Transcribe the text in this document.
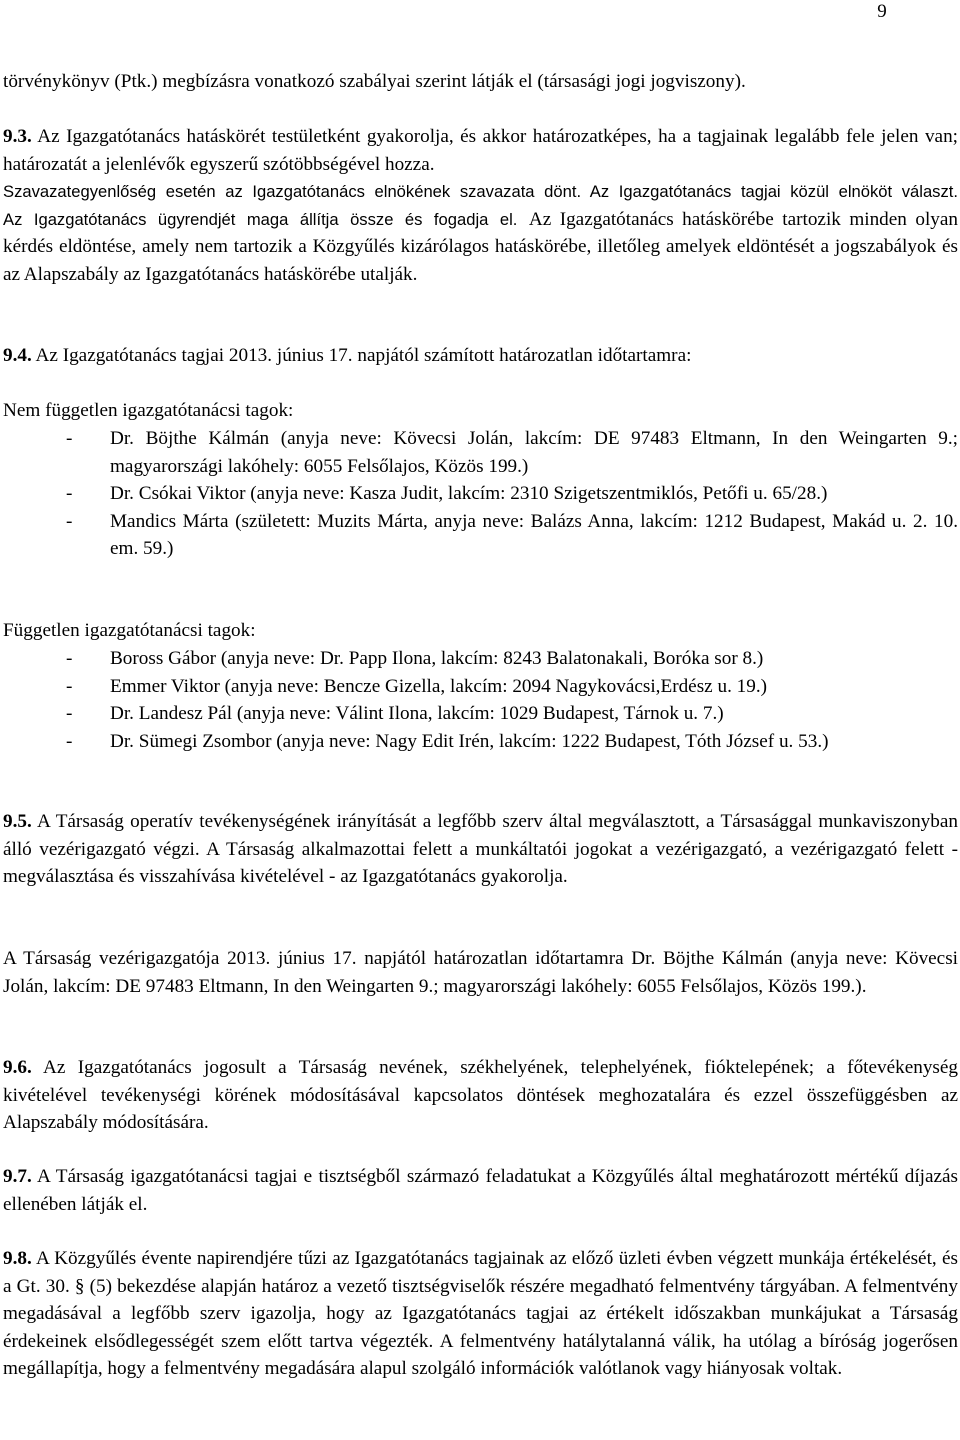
9
törvénykönyv (Ptk.) megbízásra vonatkozó szabályai szerint látják el (társasági jogi jogviszony).

9.3. Az Igazgatótanács hatáskörét testületként gyakorolja, és akkor határozatképes, ha a tagjainak legalább fele jelen van; határozatát a jelenlévők egyszerű szótöbbségével hozza.

Szavazategyenlőség esetén az Igazgatótanács elnökének szavazata dönt. Az Igazgatótanács tagjai közül elnököt választ. Az Igazgatótanács ügyrendjét maga állítja össze és fogadja el. Az Igazgatótanács hatáskörébe tartozik minden olyan kérdés eldöntése, amely nem tartozik a Közgyűlés kizárólagos hatáskörébe, illetőleg amelyek eldöntését a jogszabályok és az Alapszabály az Igazgatótanács hatáskörébe utalják.

9.4. Az Igazgatótanács tagjai 2013. június 17. napjától számított határozatlan időtartamra:
Nem független igazgatótanácsi tagok:
- Dr. Böjthe Kálmán (anyja neve: Kövecsi Jolán, lakcím: DE 97483 Eltmann, In den Weingarten 9.; magyarországi lakóhely: 6055 Felsőlajos, Közös 199.)
- Dr. Csókai Viktor (anyja neve: Kasza Judit, lakcím: 2310 Szigetszentmiklós, Petőfi u. 65/28.)
- Mandics Márta (született: Muzits Márta, anyja neve: Balázs Anna, lakcím: 1212 Budapest, Makád u. 2. 10. em. 59.)
Független igazgatótanácsi tagok:
- Boross Gábor (anyja neve: Dr. Papp Ilona, lakcím: 8243 Balatonakali, Boróka sor 8.)
- Emmer Viktor (anyja neve: Bencze Gizella, lakcím: 2094 Nagykovácsi,Erdész u. 19.)
- Dr. Landesz Pál (anyja neve: Válint Ilona, lakcím: 1029 Budapest, Tárnok u. 7.)
- Dr. Sümegi Zsombor (anyja neve: Nagy Edit Irén, lakcím: 1222 Budapest, Tóth József u. 53.)

9.5. A Társaság operatív tevékenységének irányítását a legfőbb szerv által megválasztott, a Társasággal munkaviszonyban álló vezérigazgató végzi. A Társaság alkalmazottai felett a munkáltatói jogokat a vezérigazgató, a vezérigazgató felett - megválasztása és visszahívása kivételével - az Igazgatótanács gyakorolja.

A Társaság vezérigazgatója 2013. június 17. napjától határozatlan időtartamra Dr. Böjthe Kálmán (anyja neve: Kövecsi Jolán, lakcím: DE 97483 Eltmann, In den Weingarten 9.; magyarországi lakóhely: 6055 Felsőlajos, Közös 199.).

9.6. Az Igazgatótanács jogosult a Társaság nevének, székhelyének, telephelyének, fióktelepének; a főtevékenység kivételével tevékenységi körének módosításával kapcsolatos döntések meghozatalára és ezzel összefüggésben az Alapszabály módosítására.

9.7. A Társaság igazgatótanácsi tagjai e tisztségből származó feladatukat a Közgyűlés által meghatározott mértékű díjazás ellenében látják el.

9.8. A Közgyűlés évente napirendjére tűzi az Igazgatótanács tagjainak az előző üzleti évben végzett munkája értékelését, és a Gt. 30. § (5) bekezdése alapján határoz a vezető tisztségviselők részére megadható felmentvény tárgyában. A felmentvény megadásával a legfőbb szerv igazolja, hogy az Igazgatótanács tagjai az értékelt időszakban munkájukat a Társaság érdekeinek elsődlegességét szem előtt tartva végezték. A felmentvény hatálytalanná válik, ha utólag a bíróság jogerősen megállapítja, hogy a felmentvény megadására alapul szolgáló információk valótlanok vagy hiányosak voltak.
